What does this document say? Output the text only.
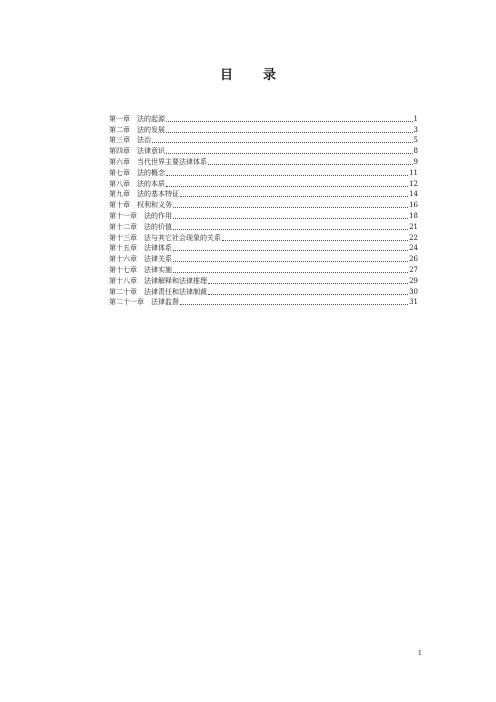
目 录
第一章 法的起源	1
第二章 法的发展	3
第三章 法治	5
第四章 法律意识	8
第六章 当代世界主要法律体系	9
第七章 法的概念	11
第八章 法的本质	12
第九章 法的基本特征	14
第十章 权利和义务	16
第十一章 法的作用	18
第十二章 法的价值	21
第十三章 法与其它社会现象的关系	22
第十五章 法律体系	24
第十六章 法律关系	26
第十七章 法律实施	27
第十八章 法律解释和法律推理	29
第二十章 法律责任和法律制裁	30
第二十一章 法律监督	31
1
